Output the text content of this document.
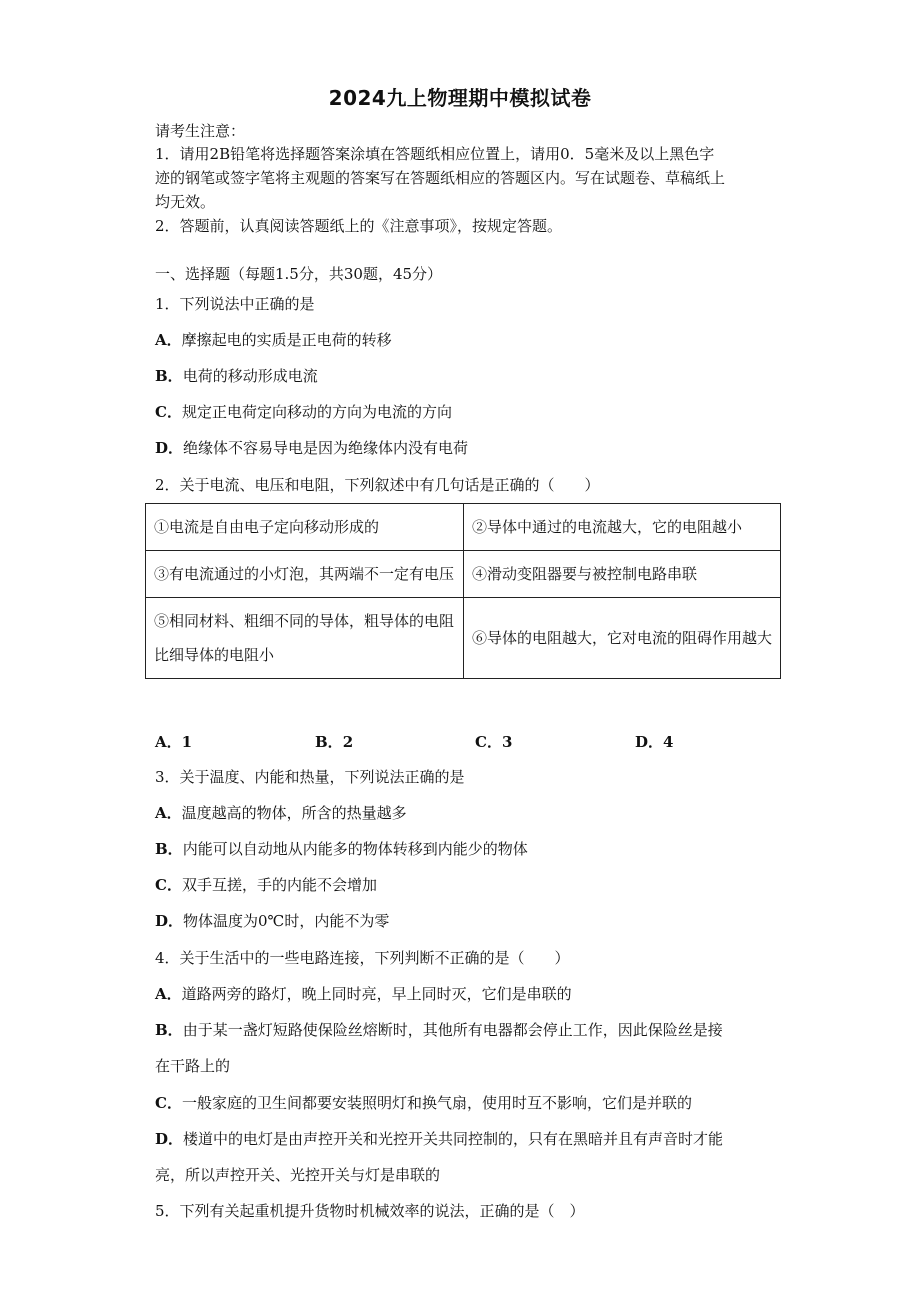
2024九上物理期中模拟试卷
请考生注意：
1．请用2B铅笔将选择题答案涂填在答题纸相应位置上，请用0．5毫米及以上黑色字
迹的钢笔或签字笔将主观题的答案写在答题纸相应的答题区内。写在试题卷、草稿纸上
均无效。
2．答题前，认真阅读答题纸上的《注意事项》，按规定答题。
一、选择题（每题1.5分，共30题，45分）
1．下列说法中正确的是
A．摩擦起电的实质是正电荷的转移
B．电荷的移动形成电流
C．规定正电荷定向移动的方向为电流的方向
D．绝缘体不容易导电是因为绝缘体内没有电荷
2．关于电流、电压和电阻，下列叙述中有几句话是正确的（　　）
①电流是自由电子定向移动形成的	②导体中通过的电流越大，它的电阻越小
③有电流通过的小灯泡，其两端不一定有电压	④滑动变阻器要与被控制电路串联
⑤相同材料、粗细不同的导体，粗导体的电阻比细导体的电阻小	⑥导体的电阻越大，它对电流的阻碍作用越大
A．1	B．2	C．3	D．4
3．关于温度、内能和热量，下列说法正确的是
A．温度越高的物体，所含的热量越多
B．内能可以自动地从内能多的物体转移到内能少的物体
C．双手互搓，手的内能不会增加
D．物体温度为0℃时，内能不为零
4．关于生活中的一些电路连接，下列判断不正确的是（　　）
A．道路两旁的路灯，晚上同时亮，早上同时灭，它们是串联的
B．由于某一盏灯短路使保险丝熔断时，其他所有电器都会停止工作，因此保险丝是接
在干路上的
C．一般家庭的卫生间都要安装照明灯和换气扇，使用时互不影响，它们是并联的
D．楼道中的电灯是由声控开关和光控开关共同控制的，只有在黑暗并且有声音时才能
亮，所以声控开关、光控开关与灯是串联的
5．下列有关起重机提升货物时机械效率的说法，正确的是（　）
